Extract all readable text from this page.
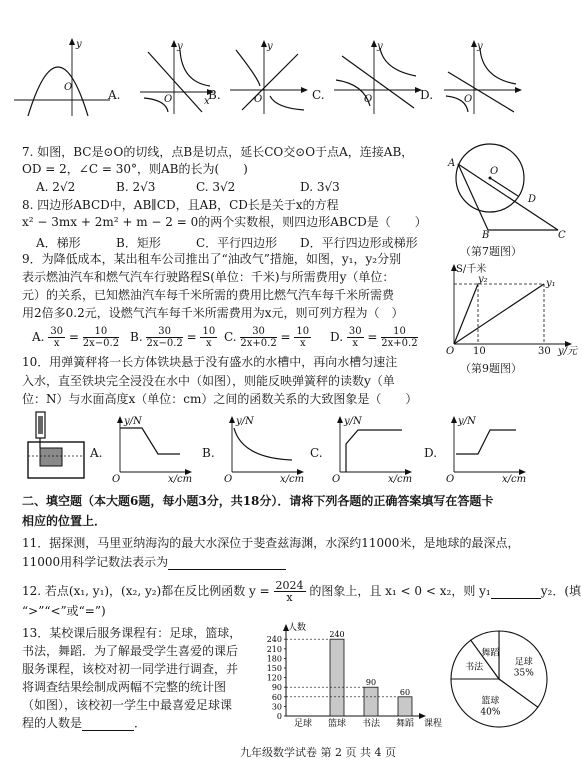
y
O
A.
y
x
O	B.
y
O	C.
y
O	D.
y
O
7. 如图，BC是⊙O的切线，点B是切点，延长CO交⊙O于点A，连接AB，
OD = 2，∠C = 30°，则AB的长为(　　)
A. 2√2	B. 2√3	C. 3√2	D. 3√3
A
O
D
B	C
（第7题图）
8. 四边形ABCD中，AB∥CD，且AB，CD长是关于x的方程
x² − 3mx + 2m² + m − 2 = 0的两个实数根，则四边形ABCD是（　　）
A．梯形	B．矩形	C．平行四边形 D．平行四边形或梯形
9．为降低成本，某出租车公司推出了“油改气”措施，如图，y₁，y₂分别
表示燃油汽车和燃气汽车行驶路程S(单位：千米)与所需费用y（单位：
元）的关系，已知燃油汽车每千米所需的费用比燃气汽车每千米所需费
用2倍多0.2元，设燃气汽车每千米所需费用为x元，则可列方程为（　）
A. $\frac{30}{x} = \frac{10}{2x-0.2} B$. $\frac{30}{2x-0.2} = \frac{10}{x} C$. $\frac{30}{2x+0.2} = \frac{10}{x} D$. $\frac{30}{x} = \frac{10}{2x+0.2}$
S/千米
y₂	y₁
O 10	30 y/元
（第9题图）
10．用弹簧秤将一长方体铁块悬于没有盛水的水槽中，再向水槽匀速注
入水，直至铁块完全浸没在水中（如图），则能反映弹簧秤的读数y（单
位：N）与水面高度x（单位：cm）之间的函数关系的大致图象是（　　）
A.
y/N
O	x/cm
B.
y/N
O	x/cm
C.
y/N
O	x/cm
D.
y/N
O	x/cm
二、填空题（本大题6题，每小题3分，共18分）．请将下列各题的正确答案填写在答题卡
相应的位置上．
11．据探测，马里亚纳海沟的最大水深位于斐查兹海渊，水深约11000米，是地球的最深点，
11000用科学记数法表示为
12. 若点(x₁, y₁)，(x₂, y₂)都在反比例函数 $y = \frac{2024}{x}$ 的图象上，且 x₁ < 0 < x₂，则 y₁	y₂．(填
“>”“<”或“=”)
13．某校课后服务课程有：足球，篮球，
书法，舞蹈．为了解最受学生喜爱的课后
服务课程，该校对初一同学进行调查，并
将调查结果绘制成两幅不完整的统计图
（如图），该校初一学生中最喜爱足球课
程的人数是	．
人数
课程
0
30
60
90
120
150
180
210
240
足球
240
篮球
90
书法
60
舞蹈
足球
35%
篮球
40%
书法
舞蹈
九年级数学试卷 第 2 页 共 4 页
